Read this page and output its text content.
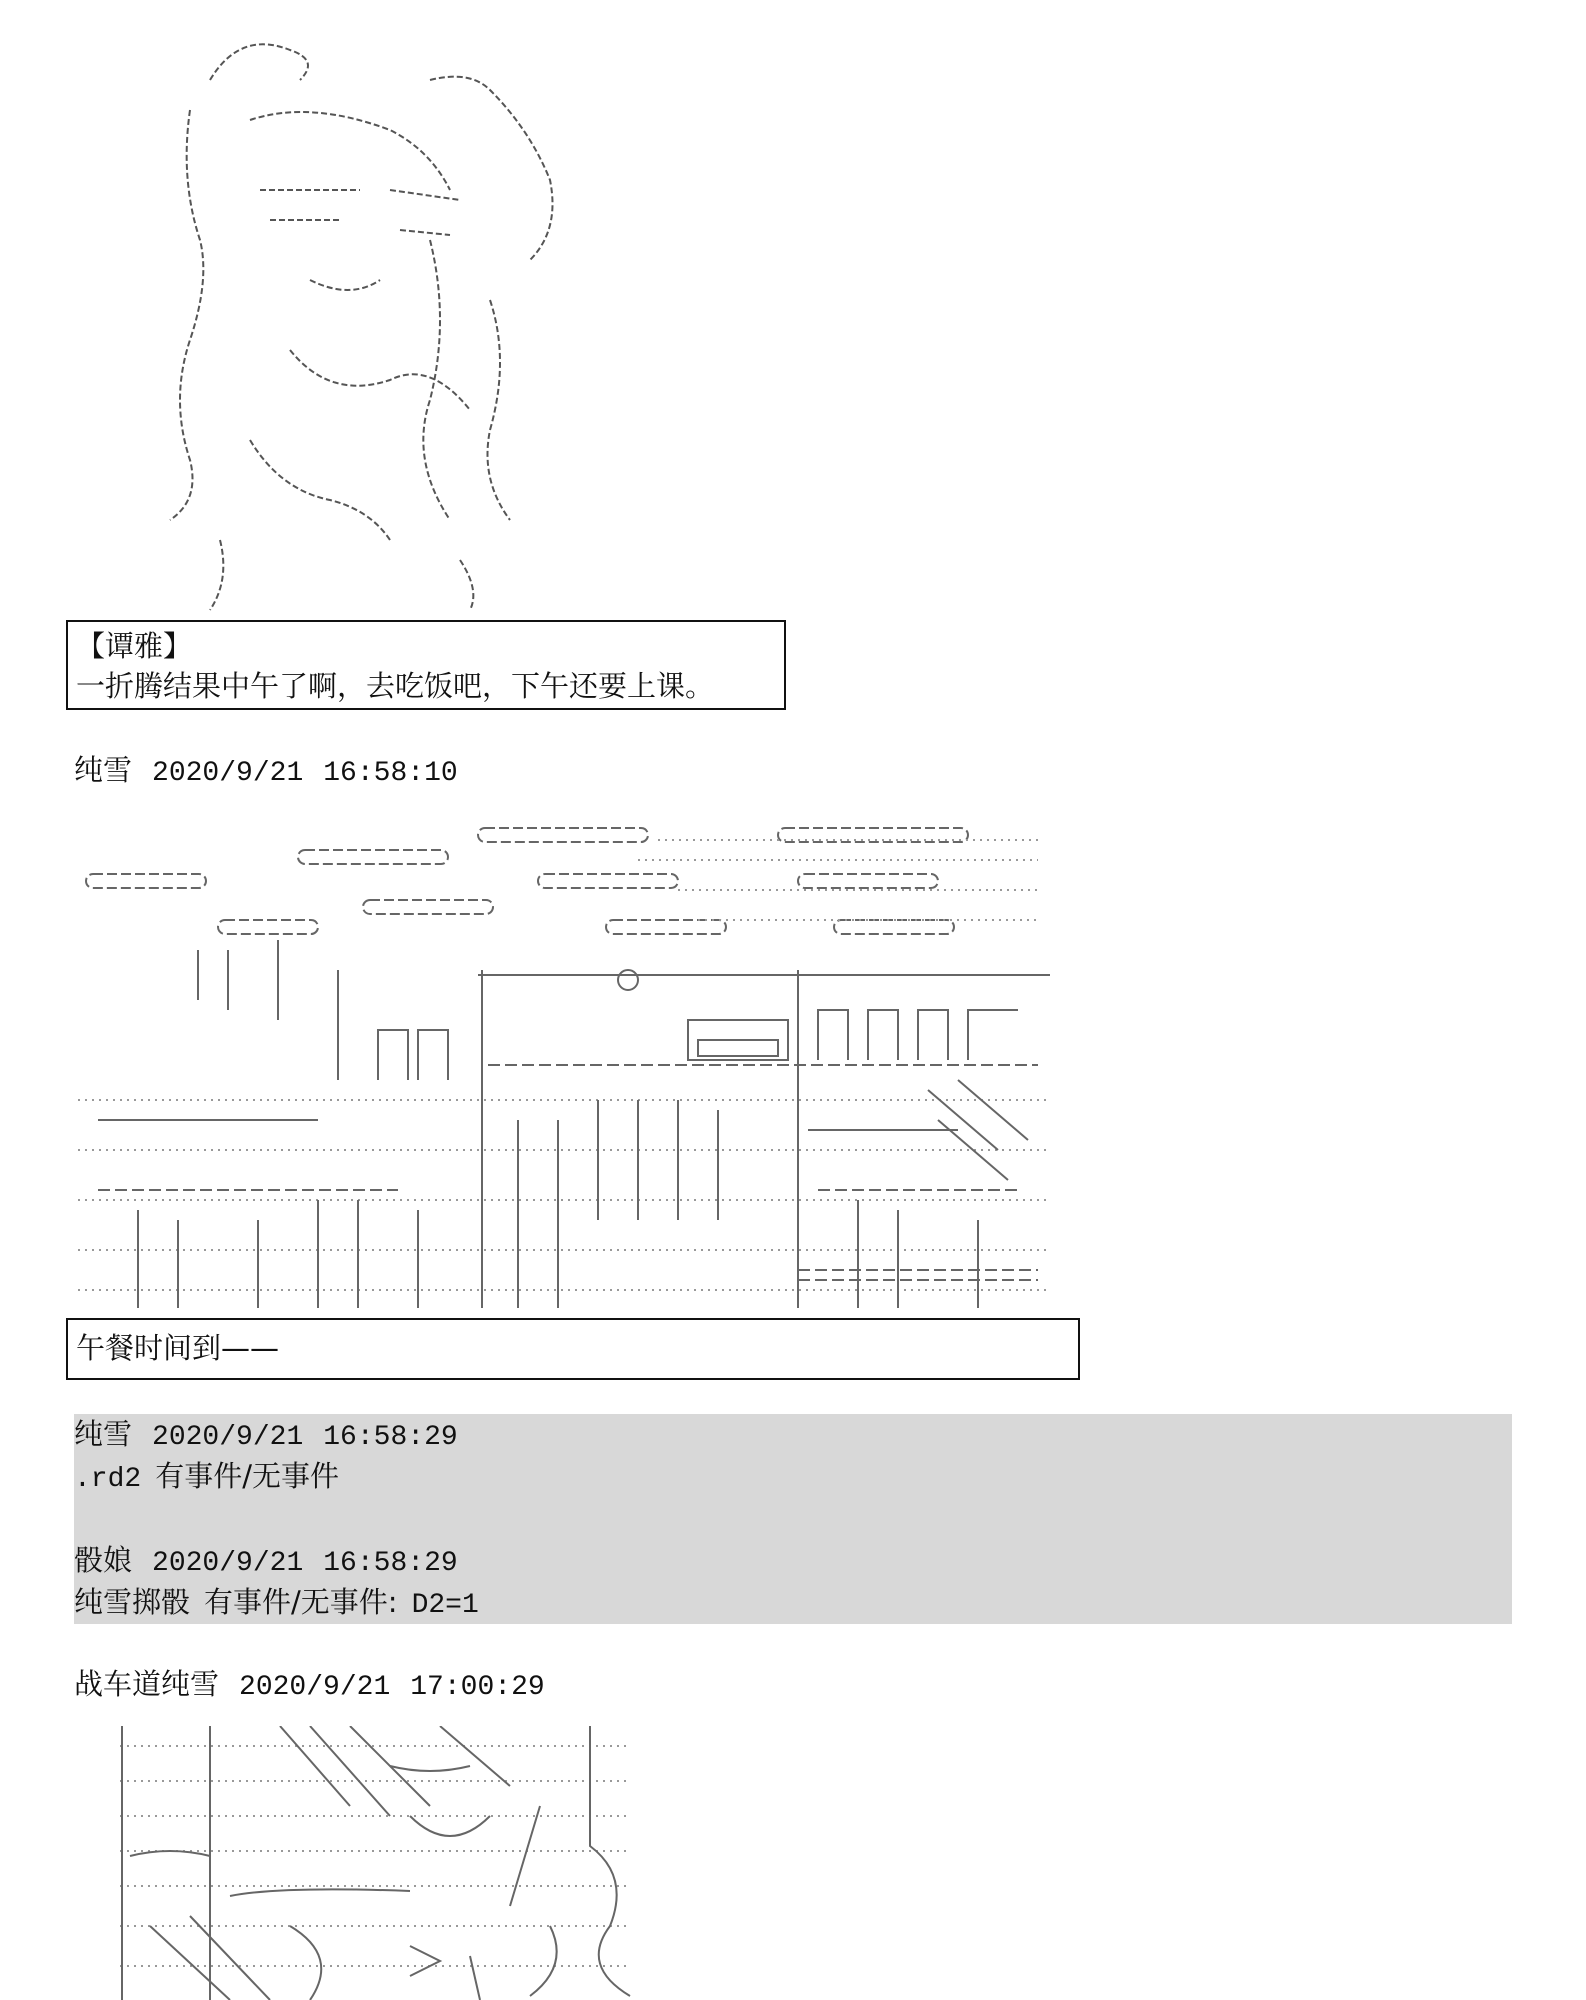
【谭雅】
一折腾结果中午了啊，去吃饭吧，下午还要上课。
纯雪 2020/9/21 16:58:10
午餐时间到——
纯雪 2020/9/21 16:58:29
.rd2 有事件/无事件
骰娘 2020/9/21 16:58:29
纯雪掷骰 有事件/无事件: D2=1
战车道纯雪 2020/9/21 17:00:29
